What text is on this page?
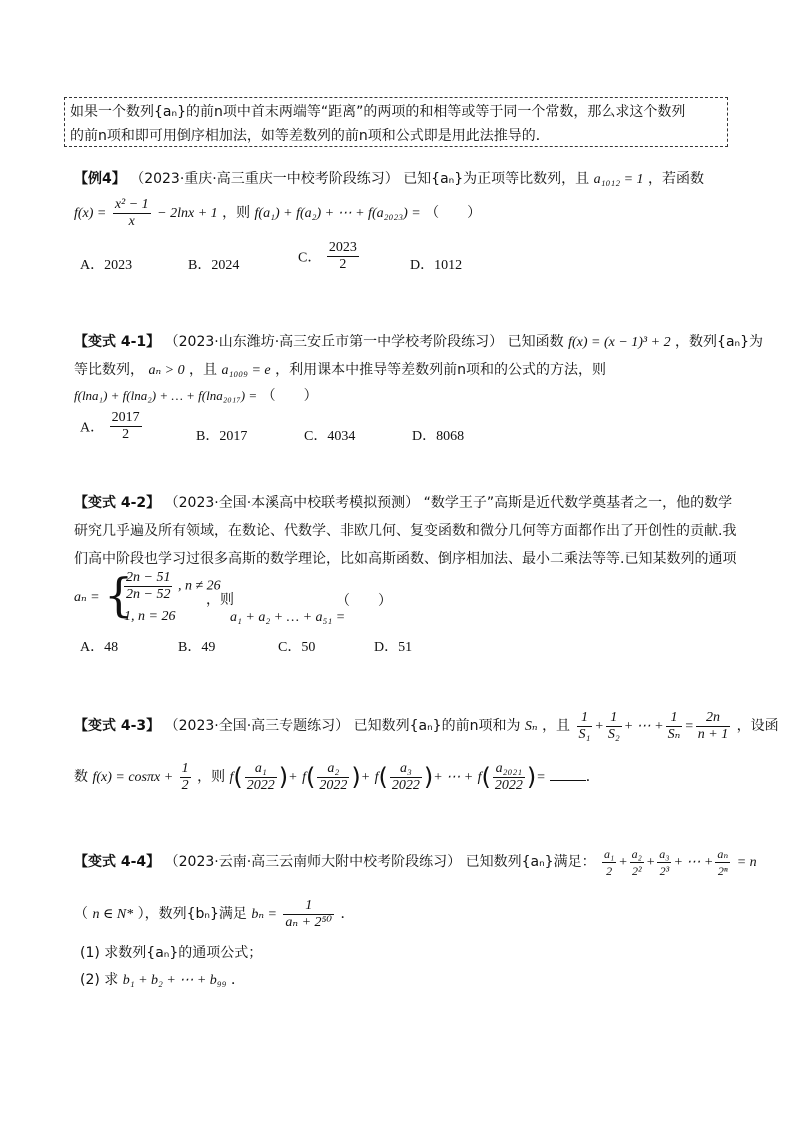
如果一个数列{aₙ}的前n项中首末两端等“距离”的两项的和相等或等于同一个常数，那么求这个数列
的前n项和即可用倒序相加法，如等差数列的前n项和公式即是用此法推导的．
【例4】 （2023·重庆·高三重庆一中校考阶段练习） 已知{aₙ}为正项等比数列，且 a₁₀₁₂ = 1 ，若函数
$f(x) = \frac{\text{x² − 1}}{x} - 2\ln x + 1$ ，则 f(a₁) + f(a₂) + ⋯ + f(a₂₀₂₃) = （　　）
A．2023	B．2024	C． $\frac{2023}{2}$	D．1012
【变式 4-1】 （2023·山东潍坊·高三安丘市第一中学校考阶段练习） 已知函数 f(x) = (x − 1)³ + 2 ，数列{aₙ}为
等比数列， aₙ > 0 ，且 a₁₀₀₉ = e ，利用课本中推导等差数列前n项和的公式的方法，则
f(lna₁) + f(lna₂) + … + f(lna₂₀₁₇) = （　　）
A． $\frac{2017}{2}$	B．2017	C．4034	D．8068
【变式 4-2】 （2023·全国·本溪高中校联考模拟预测） “数学王子”高斯是近代数学奠基者之一，他的数学
研究几乎遍及所有领域，在数论、代数学、非欧几何、复变函数和微分几何等方面都作出了开创性的贡献.我
们高中阶段也学习过很多高斯的数学理论，比如高斯函数、倒序相加法、最小二乘法等等.已知某数列的通项
aₙ = {
$\frac{2n - 51}{2n - 52}$ , n ≠ 26
1, n = 26
，则
a₁ + a₂ + … + a₅₁ =
（　　）
A．48	B．49	C．50	D．51
【变式 4-3】 （2023·全国·高三专题练习） 已知数列{aₙ}的前n项和为 Sₙ ，且 $\frac{1}{\text{S₁}} + \frac{1}{\text{S₂}}$ + ⋯ + $\frac{1}{\text{Sₙ}} = \frac{2n}{n + 1}$ ，设函
数 $f(x) = \cos\pi x + \frac{1}{2}$ ，则 $f( \frac{\text{a₁}}{2022}$ )+ $f( \frac{\text{a₂}}{2022}$ )+ $f( \frac{\text{a₃}}{2022}$ )+ ⋯ + $f( \frac{\text{a₂₀₂₁}}{2022}$ )=	．
【变式 4-4】 （2023·云南·高三云南师大附中校考阶段练习） 已知数列{aₙ}满足： $\frac{\text{a₁}}{2} + \frac{\text{a₂}}{\text{2²}} + \frac{\text{a₃}}{\text{2³}}$ + ⋯ + $\frac{\text{aₙ}}{\text{2ⁿ}} = n$
（ n ∈ N* ），数列{bₙ}满足 $b_n = \frac{1}{\text{aₙ + 2⁵⁰}}$ ．
(1) 求数列{aₙ}的通项公式；
(2) 求 b₁ + b₂ + ⋯ + b₉₉ ．
